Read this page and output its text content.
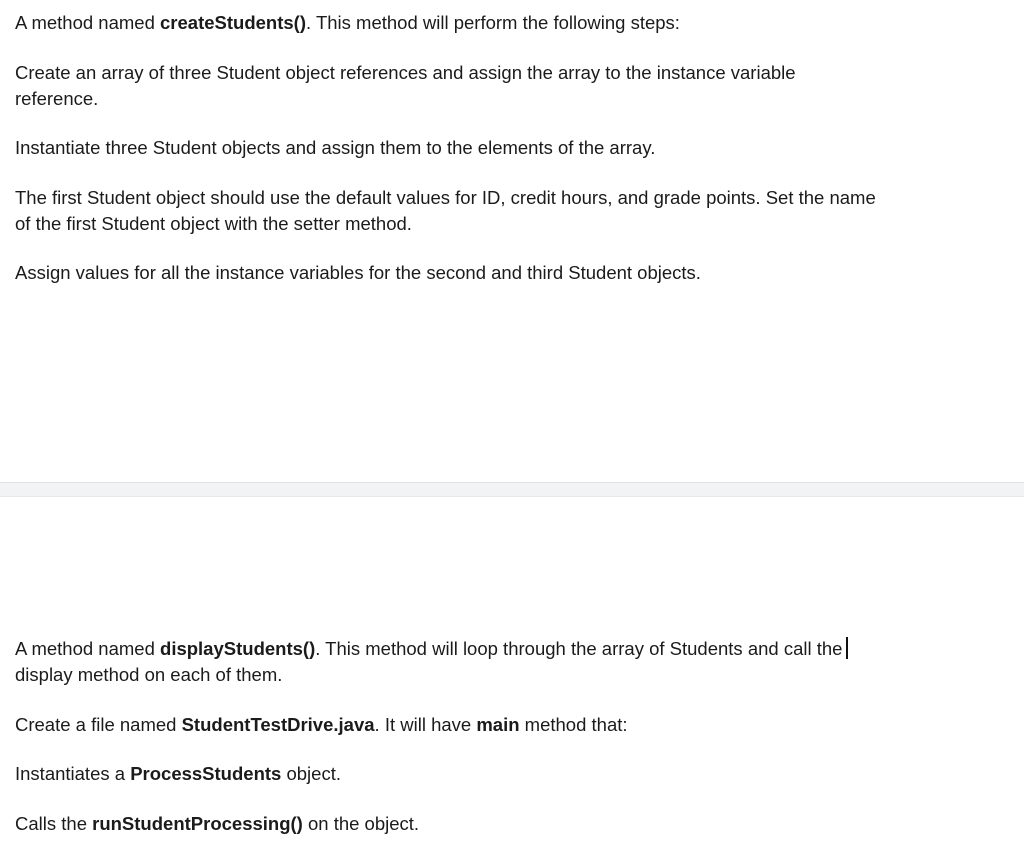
A method named createStudents(). This method will perform the following steps:

Create an array of three Student object references and assign the array to the instance variable
reference.

Instantiate three Student objects and assign them to the elements of the array.

The first Student object should use the default values for ID, credit hours, and grade points. Set the name
of the first Student object with the setter method.

Assign values for all the instance variables for the second and third Student objects.

A method named displayStudents(). This method will loop through the array of Students and call the
display method on each of them.

Create a file named StudentTestDrive.java. It will have main method that:

Instantiates a ProcessStudents object.

Calls the runStudentProcessing() on the object.
